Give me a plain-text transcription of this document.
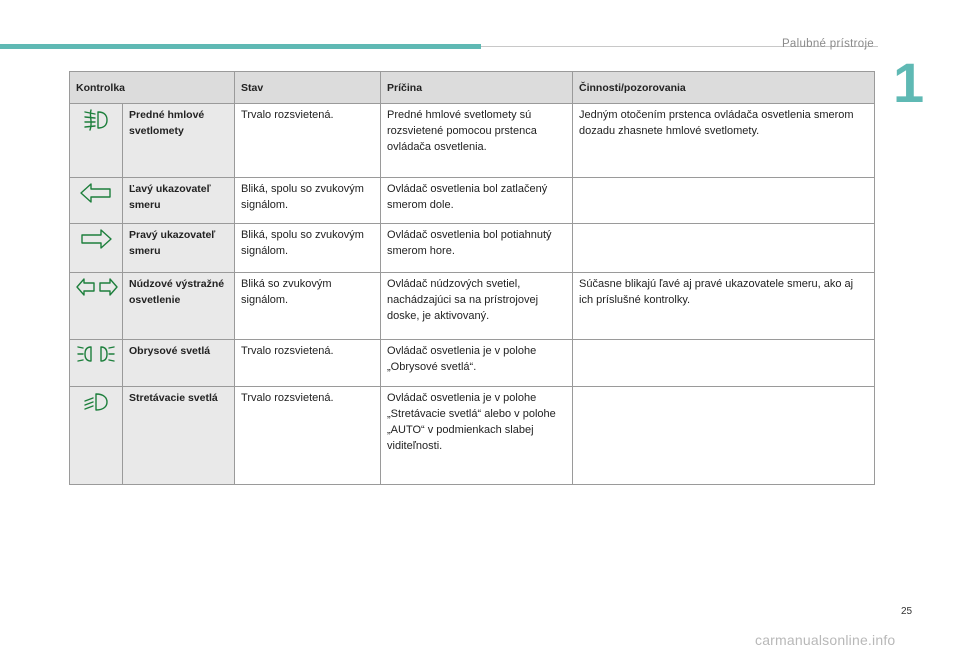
Palubné prístroje
1
Kontrolka		Stav	Príčina	Činnosti/pozorovania
	Predné hmlové svetlomety	Trvalo rozsvietená.	Predné hmlové svetlomety sú rozsvietené pomocou prstenca ovládača osvetlenia.	Jedným otočením prstenca ovládača osvetlenia smerom dozadu zhasnete hmlové svetlomety.
	Ľavý ukazovateľ smeru	Bliká, spolu so zvukovým signálom.	Ovládač osvetlenia bol zatlačený smerom dole.	
	Pravý ukazovateľ smeru	Bliká, spolu so zvukovým signálom.	Ovládač osvetlenia bol potiahnutý smerom hore.	
	Núdzové výstražné osvetlenie	Bliká so zvukovým signálom.	Ovládač núdzových svetiel, nachádzajúci sa na prístrojovej doske, je aktivovaný.	Súčasne blikajú ľavé aj pravé ukazovatele smeru, ako aj ich príslušné kontrolky.
	Obrysové svetlá	Trvalo rozsvietená.	Ovládač osvetlenia je v polohe „Obrysové svetlá“.	
	Stretávacie svetlá	Trvalo rozsvietená.	Ovládač osvetlenia je v polohe „Stretávacie svetlá“ alebo v polohe „AUTO“ v podmienkach slabej viditeľnosti.	
25
carmanualsonline.info
